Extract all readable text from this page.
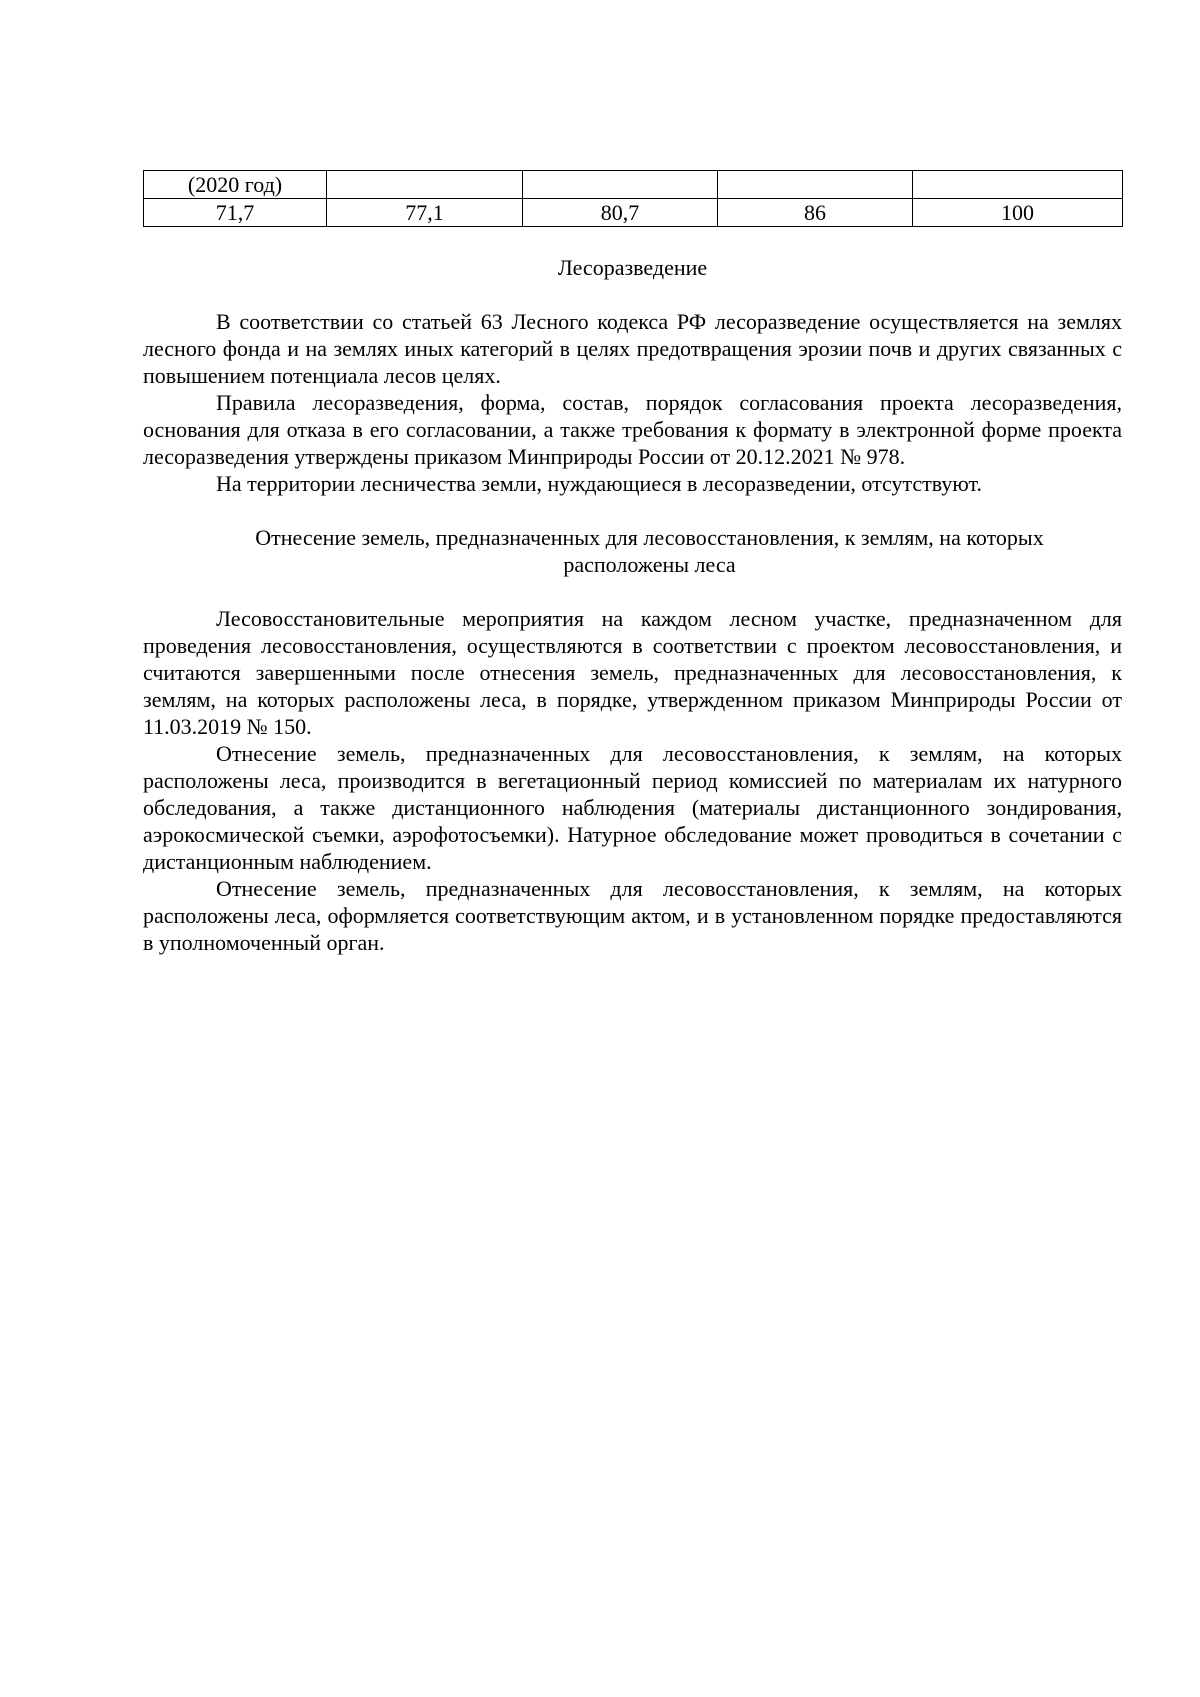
(2020 год)				
71,7	77,1	80,7	86	100
Лесоразведение

В соответствии со статьей 63 Лесного кодекса РФ лесоразведение осуществляется на землях лесного фонда и на землях иных категорий в целях предотвращения эрозии почв и других связанных с повышением потенциала лесов целях.

Правила лесоразведения, форма, состав, порядок согласования проекта лесоразведения, основания для отказа в его согласовании, а также требования к формату в электронной форме проекта лесоразведения утверждены приказом Минприроды России от 20.12.2021 № 978.

На территории лесничества земли, нуждающиеся в лесоразведении, отсутствуют.

Отнесение земель, предназначенных для лесовосстановления, к землям, на которых расположены леса

Лесовосстановительные мероприятия на каждом лесном участке, предназначенном для проведения лесовосстановления, осуществляются в соответствии с проектом лесовосстановления, и считаются завершенными после отнесения земель, предназначенных для лесовосстановления, к землям, на которых расположены леса, в порядке, утвержденном приказом Минприроды России от 11.03.2019 № 150.

Отнесение земель, предназначенных для лесовосстановления, к землям, на которых расположены леса, производится в вегетационный период комиссией по материалам их натурного обследования, а также дистанционного наблюдения (материалы дистанционного зондирования, аэрокосмической съемки, аэрофотосъемки). Натурное обследование может проводиться в сочетании с дистанционным наблюдением.

Отнесение земель, предназначенных для лесовосстановления, к землям, на которых расположены леса, оформляется соответствующим актом, и в установленном порядке предоставляются в уполномоченный орган.
